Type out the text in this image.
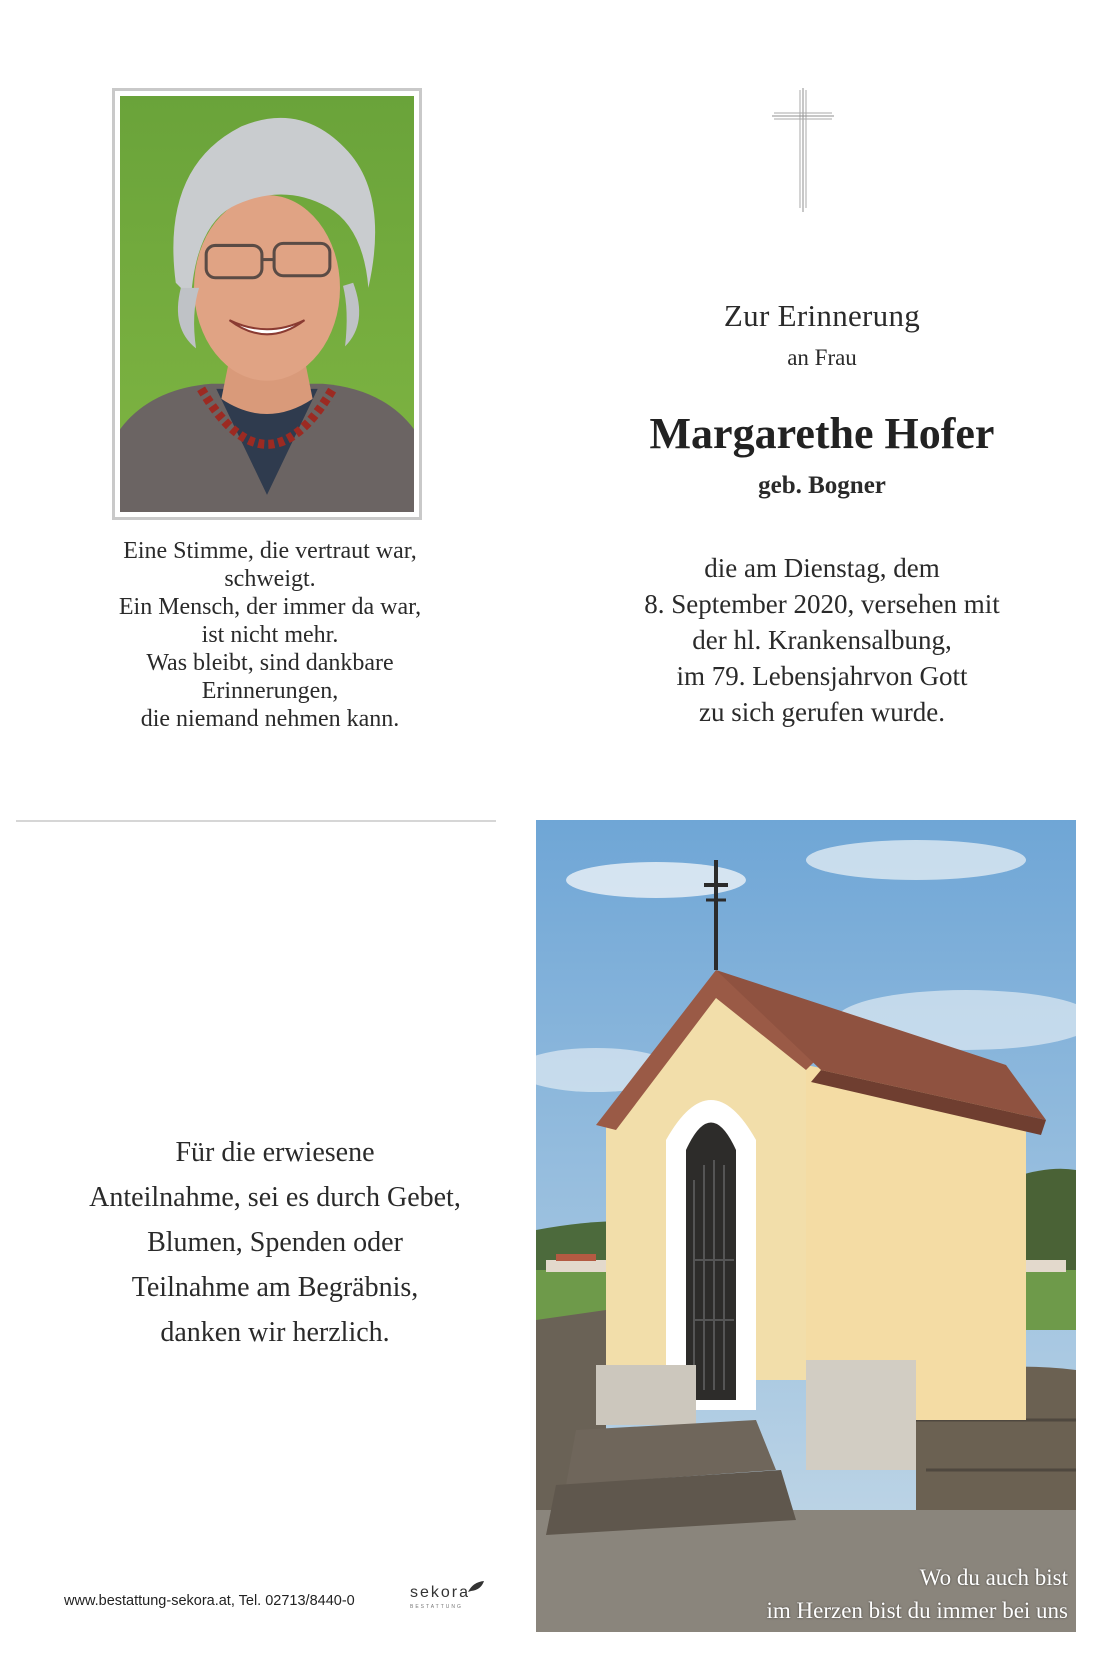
Eine Stimme, die vertraut war,
schweigt.
Ein Mensch, der immer da war,
ist nicht mehr.
Was bleibt, sind dankbare
Erinnerungen,
die niemand nehmen kann.
Zur Erinnerung
an Frau
Margarethe Hofer
geb. Bogner
die am Dienstag, dem
8. September 2020, versehen mit
der hl. Krankensalbung,
im 79. Lebensjahrvon Gott
zu sich gerufen wurde.
Für die erwiesene
Anteilnahme, sei es durch Gebet,
Blumen, Spenden oder
Teilnahme am Begräbnis,
danken wir herzlich.
www.bestattung-sekora.at, Tel. 02713/8440-0	sekora
BESTATTUNG
Wo du auch bist
im Herzen bist du immer bei uns
